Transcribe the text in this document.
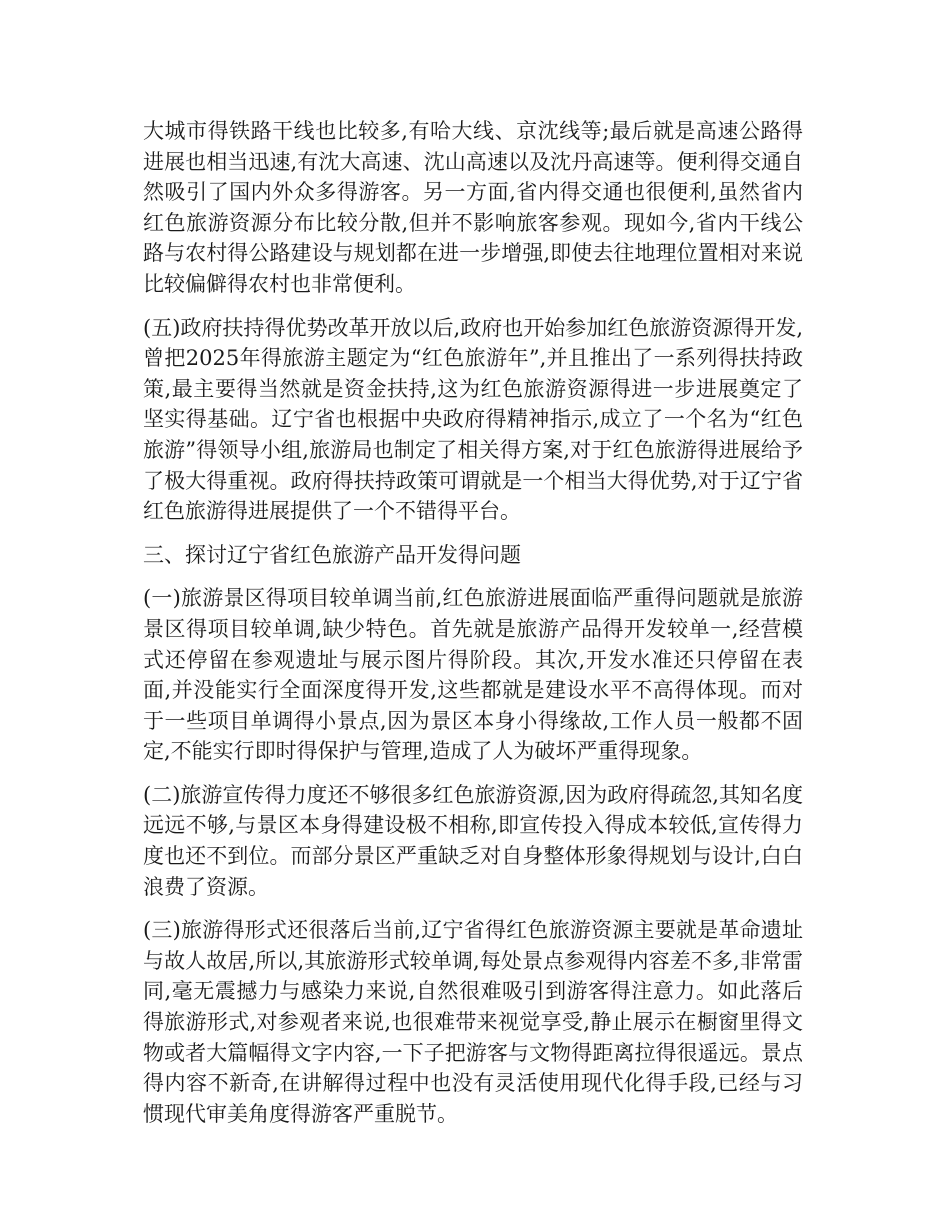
大城市得铁路干线也比较多,有哈大线、京沈线等;最后就是高速公路得进展也相当迅速,有沈大高速、沈山高速以及沈丹高速等。便利得交通自然吸引了国内外众多得游客。另一方面,省内得交通也很便利,虽然省内红色旅游资源分布比较分散,但并不影响旅客参观。现如今,省内干线公路与农村得公路建设与规划都在进一步增强,即使去往地理位置相对来说比较偏僻得农村也非常便利。

(五)政府扶持得优势改革开放以后,政府也开始参加红色旅游资源得开发,曾把2025年得旅游主题定为“红色旅游年”,并且推出了一系列得扶持政策,最主要得当然就是资金扶持,这为红色旅游资源得进一步进展奠定了坚实得基础。辽宁省也根据中央政府得精神指示,成立了一个名为“红色旅游”得领导小组,旅游局也制定了相关得方案,对于红色旅游得进展给予了极大得重视。政府得扶持政策可谓就是一个相当大得优势,对于辽宁省红色旅游得进展提供了一个不错得平台。

三、探讨辽宁省红色旅游产品开发得问题

(一)旅游景区得项目较单调当前,红色旅游进展面临严重得问题就是旅游景区得项目较单调,缺少特色。首先就是旅游产品得开发较单一,经营模式还停留在参观遗址与展示图片得阶段。其次,开发水准还只停留在表面,并没能实行全面深度得开发,这些都就是建设水平不高得体现。而对于一些项目单调得小景点,因为景区本身小得缘故,工作人员一般都不固定,不能实行即时得保护与管理,造成了人为破坏严重得现象。

(二)旅游宣传得力度还不够很多红色旅游资源,因为政府得疏忽,其知名度远远不够,与景区本身得建设极不相称,即宣传投入得成本较低,宣传得力度也还不到位。而部分景区严重缺乏对自身整体形象得规划与设计,白白浪费了资源。

(三)旅游得形式还很落后当前,辽宁省得红色旅游资源主要就是革命遗址与故人故居,所以,其旅游形式较单调,每处景点参观得内容差不多,非常雷同,毫无震撼力与感染力来说,自然很难吸引到游客得注意力。如此落后得旅游形式,对参观者来说,也很难带来视觉享受,静止展示在橱窗里得文物或者大篇幅得文字内容,一下子把游客与文物得距离拉得很遥远。景点得内容不新奇,在讲解得过程中也没有灵活使用现代化得手段,已经与习惯现代审美角度得游客严重脱节。
